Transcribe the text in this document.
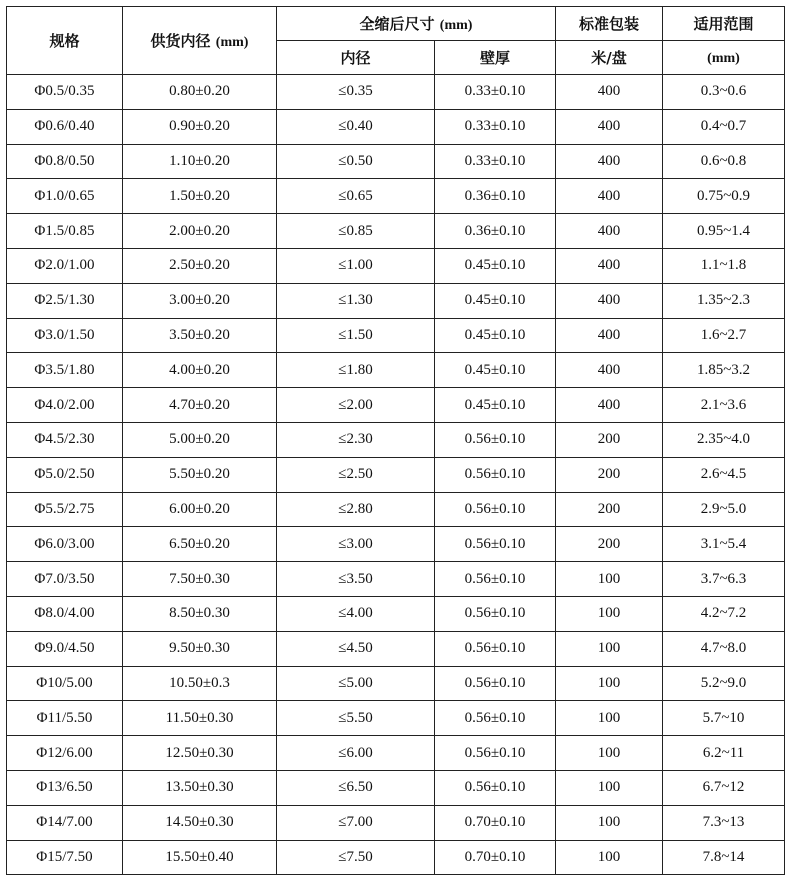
规格	供货内径 (mm)	全缩后尺寸 (mm)		标准包装	适用范围
		内径	壁厚	米/盘	(mm)
Φ0.5/0.35	0.80±0.20	≤0.35	0.33±0.10	400	0.3~0.6
Φ0.6/0.40	0.90±0.20	≤0.40	0.33±0.10	400	0.4~0.7
Φ0.8/0.50	1.10±0.20	≤0.50	0.33±0.10	400	0.6~0.8
Φ1.0/0.65	1.50±0.20	≤0.65	0.36±0.10	400	0.75~0.9
Φ1.5/0.85	2.00±0.20	≤0.85	0.36±0.10	400	0.95~1.4
Φ2.0/1.00	2.50±0.20	≤1.00	0.45±0.10	400	1.1~1.8
Φ2.5/1.30	3.00±0.20	≤1.30	0.45±0.10	400	1.35~2.3
Φ3.0/1.50	3.50±0.20	≤1.50	0.45±0.10	400	1.6~2.7
Φ3.5/1.80	4.00±0.20	≤1.80	0.45±0.10	400	1.85~3.2
Φ4.0/2.00	4.70±0.20	≤2.00	0.45±0.10	400	2.1~3.6
Φ4.5/2.30	5.00±0.20	≤2.30	0.56±0.10	200	2.35~4.0
Φ5.0/2.50	5.50±0.20	≤2.50	0.56±0.10	200	2.6~4.5
Φ5.5/2.75	6.00±0.20	≤2.80	0.56±0.10	200	2.9~5.0
Φ6.0/3.00	6.50±0.20	≤3.00	0.56±0.10	200	3.1~5.4
Φ7.0/3.50	7.50±0.30	≤3.50	0.56±0.10	100	3.7~6.3
Φ8.0/4.00	8.50±0.30	≤4.00	0.56±0.10	100	4.2~7.2
Φ9.0/4.50	9.50±0.30	≤4.50	0.56±0.10	100	4.7~8.0
Φ10/5.00	10.50±0.3	≤5.00	0.56±0.10	100	5.2~9.0
Φ11/5.50	11.50±0.30	≤5.50	0.56±0.10	100	5.7~10
Φ12/6.00	12.50±0.30	≤6.00	0.56±0.10	100	6.2~11
Φ13/6.50	13.50±0.30	≤6.50	0.56±0.10	100	6.7~12
Φ14/7.00	14.50±0.30	≤7.00	0.70±0.10	100	7.3~13
Φ15/7.50	15.50±0.40	≤7.50	0.70±0.10	100	7.8~14
